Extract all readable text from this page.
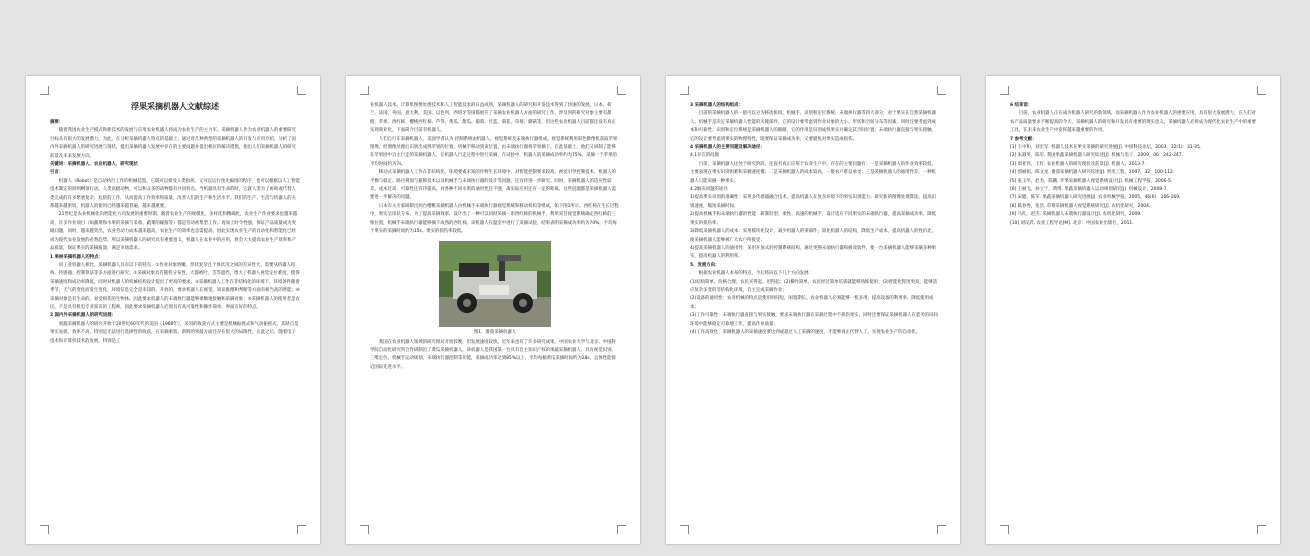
浮果采摘机器人文献综述

摘要：

随着我国农业生产模式和新技术的发展与应用农业机器人将成为农业生产的主力军。采摘机器人作为农业机器人的重要研究目标具有很大的发展潜力。为此，在分析采摘机器人特点的基础上，通过对几种典型的采摘机器人的开发与应用介绍，分析了国内外采摘机器人的研究进展与现状，提出采摘机器人发展中存在的主要问题并提出相应的解决措施，指出人们采摘机器人的研究前景及未来发展方向。

关键词：采摘机器人、农业机器人、研究现状

引言：

机器人（Robot）是自动执行工作的机械装置。它既可以接受人类指挥，又可以运行预先编排的程序，也可以根据以人工智能技术制定的原则纲领行动。人类高级动物，可以和众多的动物都有共同特点。当机器具有生命的时，它就人类为了协助或代替人类完成的许多繁重复杂、危险的工作，从而提高工作效率和质量，改善人们的生产和生活水平。我们的生产、生活与机器人的关系越来越密切，机器人的使用已经越来越普遍，越来越重要。

21世纪是农业机械化向智能化方向发展的重要时期。随着农业生产的规模化、多样化和精确化，农业生产作业要求也越来越高，许多作业项目（如蔬菜和水果的采摘与采收、蔬菜的嫁接等）都是劳动密集型工作。再加上时令性强，保证产品质量成为突破问题，同时，越来越突出，农业劳动力成本越来越高，农业生产的效率也急需提高。因此实现农业生产的自动化和智能化已经成为现代农业发展的必然趋势，所以采摘机器人的研究具有重要意义，机器人在农业中的应用，将会大大提高农业生产效率和产品质量，保证果实的采摘质量，满足市场需求。

1 果树采摘机器人的特点：

同工业机器人相比，采摘机器人具有以下的特点：①作业对象娇嫩、形状复杂且个体状况之间的差异性大，需要从机器人结构、传感器、控制算法等多方面进行研究；②采摘对象具有随机分布性，大都被叶、茎等遮挡，增大了机器人视觉定位难度，使得采摘速度和成功率降低，同时对机器人的机械结构设计提出了更高的要求；③采摘机器人工作在非结构化的环境下，环境条件随着季节、天气的变化而发生变化，环境信息完全是未知的、开放的，要求机器人在视觉、知识推理和判断等方面有相当高的智能；④采摘对象是有生命的，易受损伤的生物体，因此要求机器人的末端执行器能够柔顺地接触和采摘对象；⑤采摘机器人的使用者是农民，不是具有机电专业知识的工程师，因此要求采摘机器人必须具有高可靠性和操作简单、界面友好的特点。

2 国内外采摘机器人的研究进展：

果蔬采摘机器人的研究开始于20世纪60年代的美国（1968年），采用的收获方式主要是机械振摇式和气动振摇式，其缺点是果实易损，效率不高，特别是无法进行选择性的收获，在采摘柔软、新鲜的果蔬方面还存在很大的局限性。在此之后，随着电子技术和计算机技术的发展，特别是工

业机器人技术、计算机图像处理技术和人工智能技术的日益成熟，采摘机器人的研究和开发技术得到了快速的发展。日本、荷兰、法国、英国、意大利、美国、以色列、西班牙等国都展开了采摘农业机器人方面的研究工作，涉及到的研究对象主要有甜橙、苹果、西红柿、樱桃西红柿、芦笋、黄瓜、甜瓜、葡萄、甘蓝、菊花、草莓、蘑菇等，但这些农业机器人目前都还没有真正实现商业化，下面简介目前有机器人。

人们自行车采摘机器人，美国学者认为 控制系统由机器人、视觉系统及末端执行器组成。视觉系统利用彩色摄像机获取苹果图像，经图像处理后识别出成熟苹果的位置，机械手移动到该位置，由末端执行器将苹果摘下。在此基础上，他们又研制了能够在苹果园中自主行走的采摘机器人，在机器人行走过程中进行采摘，在试验中，机器人的采摘成功率约为75%，采摘一个苹果的平均时间约为7s。

移动式采摘机器人工作在非结构化、环境要素未知的作物生长环境中，对智能控制要求较高。视觉引导控制技术、机器人的平衡与稳定、路径规划与避障技术以及机械手与末端执行器的设计等问题，还有待进一步研究。同时，采摘机器人的适应性较差，成本过高，可靠性还有待提高，对各种不同水果的通用性还不强，离实际应用还有一定的距离，这些问题都是采摘机器人需要进一步解决的问题。

日本有关专家研制出两台樱桃采摘机器人由机械手末端执行器视觉系统和移动机构等组成，如下图1所示。西红柿在生长过程中，果实呈串状分布，为了提高采摘效率，设计出了一种可以同时采摘一串西红柿的机械手，利用双目视觉系统确定西红柿的三维位置，机械手末端执行器能够摘下成熟的西红柿。该机器人在温室中进行了采摘试验，结果表明采摘成功率约为70%，平均每个果实的采摘时间约为15s。果实的损伤率较低。

图1：番茄采摘机器人

我国在农业机器人领域的研究相对开始较晚，但发展速度较快。近年来也有了许多研究成果。中国农业大学与北京、中国科学院自动化研究所合作研制出了黄瓜采摘机器人，该机器人是我国第一台具有自主知识产权的果蔬采摘机器人，具有视觉识别、三维定位、机械手运动规划、末端执行器控制等功能，采摘成功率达到85%以上，平均每根黄瓜采摘时间约为28s，总体性能接近国际先进水平。

3 采摘机器人的结构组成：

目前的采摘机器人的一般可以分为移动机构、机械手、识别和定位系统、末端执行器等四大部分。对于果实在自然采摘机器人、机械手是决定采摘机器人性能的关键部件，它的设计要考虑到作业对象的大小、形状和空间分布等因素，同时还要考虑到成本和可靠性；识别和定位系统是采摘机器人的眼睛，它的作用是识别成熟果实并确定其空间位置；末端执行器直接与果实接触，它的设计要考虑到果实的物理特性，既要保证采摘成功率，又要避免对果实造成损伤。

4 采摘机器人的主要问题及解决途径：

4.1存在的问题

目前，采摘机器人还处于研究阶段，还没有真正应用于农业生产中。存在的主要问题有：一是采摘机器人的作业效率较低，主要表现在果实识别困难和采摘速度慢；二是采摘机器人的成本较高，一般农户难以承受；三是采摘机器人的通用性差，一种机器人只能采摘一种果实。

4.2解决问题的途径

1)提高果实识别的准确性：采用多传感器融合技术，提高机器人在复杂环境下的果实识别能力；研究新的图像处理算法，提高识别速度，缩短采摘时间；

2)提高机械手和末端执行器的性能：研制轻型、柔性、高速的机械手，设计适应不同果实的末端执行器，提高采摘成功率，降低果实的损伤率；

3)降低采摘机器人的成本：采用模块化设计，减少机器人的零部件，简化机器人的结构，降低生产成本，提高机器人的性价比，使采摘机器人能够被广大农户所接受；

4)提高采摘机器人的通用性：采用开放式的控制系统结构，通过更换末端执行器和修改软件，使一台采摘机器人能够采摘多种果实，提高机器人的利用率。

5、发展方向：

根据农业机器人本身的特点，今后将向以下几个方向发展：

(1)结构简单、价格合理，农民买得起、用得起；(2)操作简单，农民经过简单培训就能够熟练使用；(3)智能化程度更高，能够适应复杂多变的非结构化环境，自主完成采摘作业；

(2)设备的通用性：农业机械的特点是使用时间短，闲置期长。农业机器人必须能够一机多用，提高设备的利用率，降低使用成本；

(3)工作可靠性：末端执行器直接与果实接触，要求末端执行器在采摘过程中不损伤果实，同时还要保证采摘机器人在恶劣的田间环境中能够稳定可靠地工作，提高作业质量；

(4)工作高效化：采摘机器人的采摘速度要达到或超过人工采摘的速度，才能够真正代替人工，实现农业生产的自动化。

6 结束语：

目前，农业机器人正在成为机器人研究的新领域，而采摘机器人作为农业机器人的重要应用，具有很大发展潜力，在人们对农产品质量要求不断提高的今天，采摘机器人的研究和开发具有重要的现实意义，采摘机器人必将成为现代化农业生产中的重要工具，在未来农业生产中发挥越来越重要的作用。

7 参考文献：

[1] 王中和，刘宏军. 机器人技术在果实采摘的研究进展[J]. 中国科技论坛，2003，32(1)：31-35.

[2] 朱淑英，陈军. 我国果蔬采摘机器人研究综述[J]. 机械与电子，2009，06：242-247.

[3] 周亚伟，王红. 农业机器人的研究现状及前景[J]. 机器人，2013-7.

[4] 郭丽娟，陈文星. 番茄采摘机器人研究综述[J]. 机电工程，2007，32：100-112.

[5] 张玉华，赵杰，陈鹏. 苹果采摘机器人视觉系统设计[J]. 机械工程学报，2006-5.

[6] 王丽飞，孙立宁，黄博. 果蔬采摘机器人运动规划研究[J]. 机械设计，2008-7.

[7] 宋健，陈军. 果蔬采摘机器人研究进展[J]. 农业机械学报，2005，46(6)：166-169.

[8] 陈春秀，张浩. 草莓采摘机器人视觉系统研究[J]. 农机化研究，2004.

[9] 马红，赵杰. 采摘机器人末端执行器设计[J]. 农机化研究，2009.

[10] 刘汉武. 农业工程导论[M]. 北京：中国农业出版社，2011.
